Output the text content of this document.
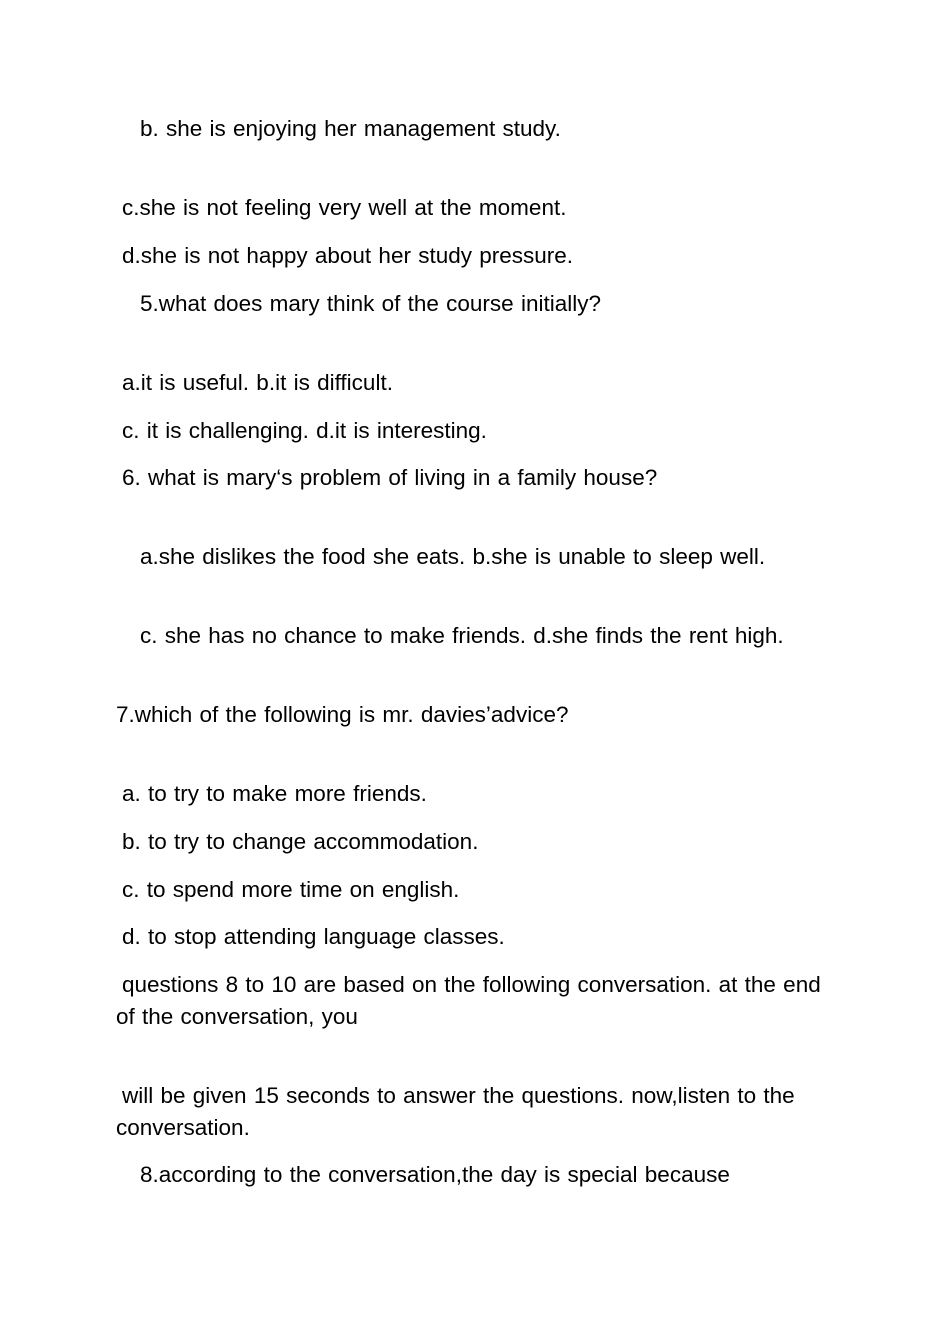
b. she is enjoying her management study.
c.she is not feeling very well at the moment.
d.she is not happy about her study pressure.
5.what does mary think of the course initially?
a.it is useful. b.it is difficult.
c. it is challenging. d.it is interesting.
6. what is mary‘s problem of living in a family house?
a.she dislikes the food she eats. b.she is unable to sleep well.
c. she has no chance to make friends. d.she finds the rent high.
7.which of the following is mr. davies’advice?
a. to try to make more friends.
b. to try to change accommodation.
c. to spend more time on english.
d. to stop attending language classes.
questions 8 to 10 are based on the following conversation. at the end of the conversation, you
will be given 15 seconds to answer the questions. now,listen to the conversation.
8.according to the conversation,the day is special because
